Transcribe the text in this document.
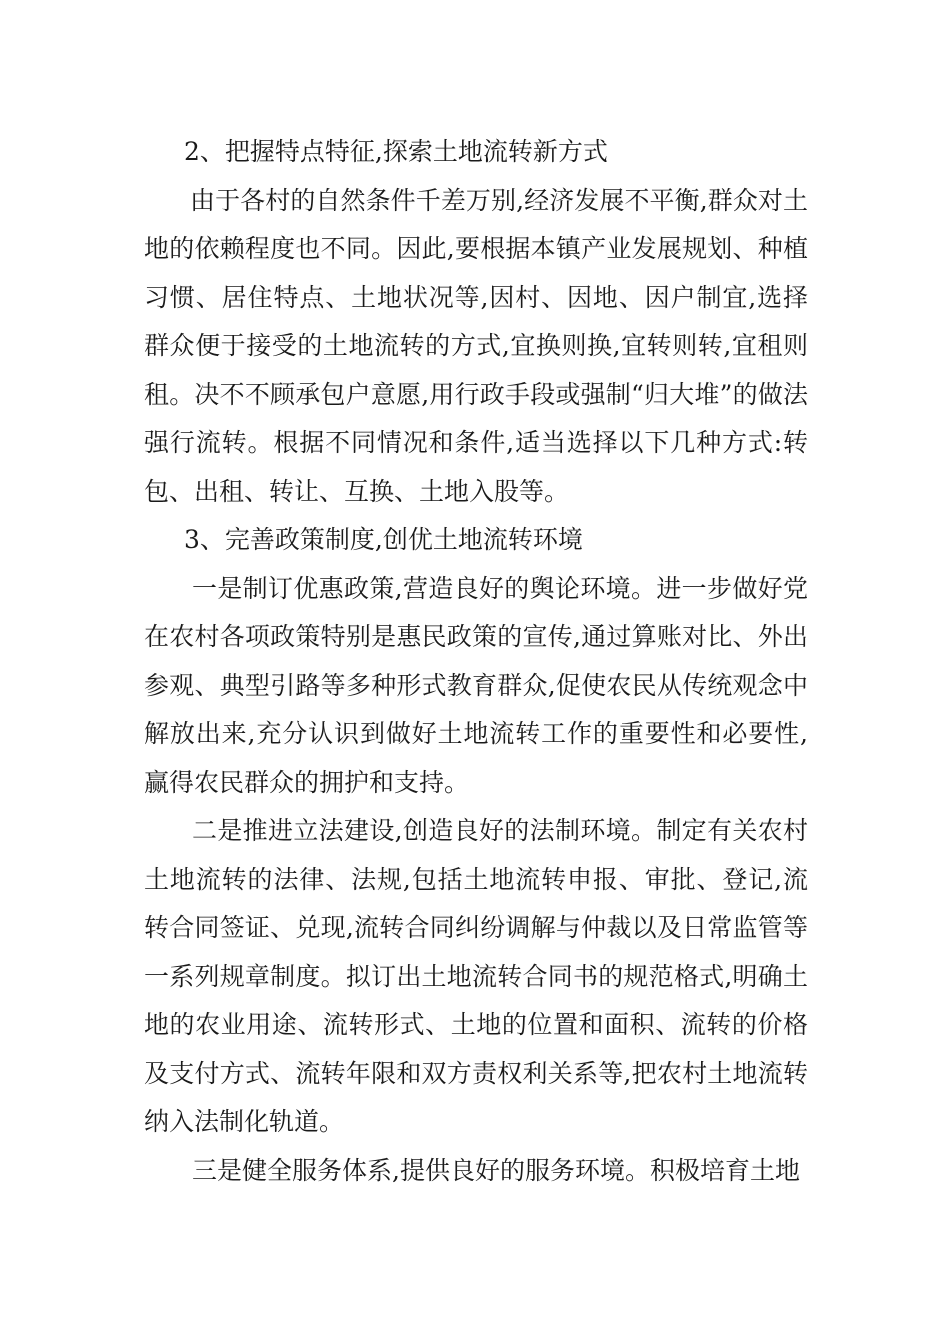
2、把握特点特征,探索土地流转新方式

由于各村的自然条件千差万别,经济发展不平衡,群众对土地的依赖程度也不同。因此,要根据本镇产业发展规划、种植习惯、居住特点、土地状况等,因村、因地、因户制宜,选择群众便于接受的土地流转的方式,宜换则换,宜转则转,宜租则租。决不不顾承包户意愿,用行政手段或强制“归大堆”的做法强行流转。根据不同情况和条件,适当选择以下几种方式:转包、出租、转让、互换、土地入股等。

3、完善政策制度,创优土地流转环境

一是制订优惠政策,营造良好的舆论环境。进一步做好党在农村各项政策特别是惠民政策的宣传,通过算账对比、外出参观、典型引路等多种形式教育群众,促使农民从传统观念中解放出来,充分认识到做好土地流转工作的重要性和必要性,赢得农民群众的拥护和支持。

二是推进立法建设,创造良好的法制环境。制定有关农村土地流转的法律、法规,包括土地流转申报、审批、登记,流转合同签证、兑现,流转合同纠纷调解与仲裁以及日常监管等一系列规章制度。拟订出土地流转合同书的规范格式,明确土地的农业用途、流转形式、土地的位置和面积、流转的价格及支付方式、流转年限和双方责权利关系等,把农村土地流转纳入法制化轨道。

三是健全服务体系,提供良好的服务环境。积极培育土地
